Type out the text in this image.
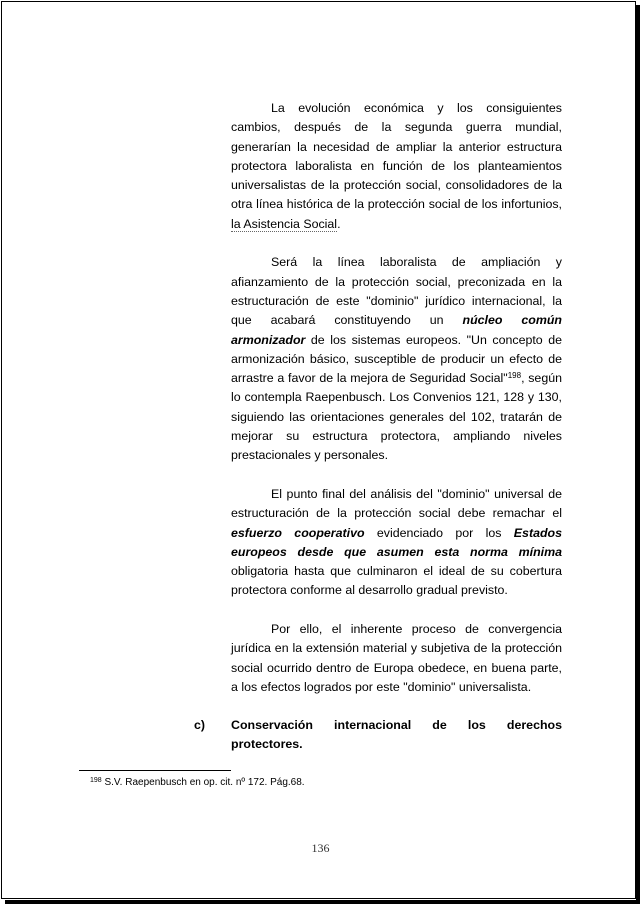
La evolución económica y los consiguientes cambios, después de la segunda guerra mundial, generarían la necesidad de ampliar la anterior estructura protectora laboralista en función de los planteamientos universalistas de la protección social, consolidadores de la otra línea histórica de la protección social de los infortunios, la Asistencia Social.

Será la línea laboralista de ampliación y afianzamiento de la protección social, preconizada en la estructuración de este "dominio" jurídico internacional, la que acabará constituyendo un núcleo común armonizador de los sistemas europeos. "Un concepto de armonización básico, susceptible de producir un efecto de arrastre a favor de la mejora de Seguridad Social"$^{198}$, según lo contempla Raepenbusch. Los Convenios 121, 128 y 130, siguiendo las orientaciones generales del 102, tratarán de mejorar su estructura protectora, ampliando niveles prestacionales y personales.

El punto final del análisis del "dominio" universal de estructuración de la protección social debe remachar el esfuerzo cooperativo evidenciado por los Estados europeos desde que asumen esta norma mínima obligatoria hasta que culminaron el ideal de su cobertura protectora conforme al desarrollo gradual previsto.

Por ello, el inherente proceso de convergencia jurídica en la extensión material y subjetiva de la protección social ocurrido dentro de Europa obedece, en buena parte, a los efectos logrados por este "dominio" universalista.

c) Conservación internacional de los derechos protectores.
$^{198}$ S.V. Raepenbusch en op. cit. nº 172. Pág.68.
136
